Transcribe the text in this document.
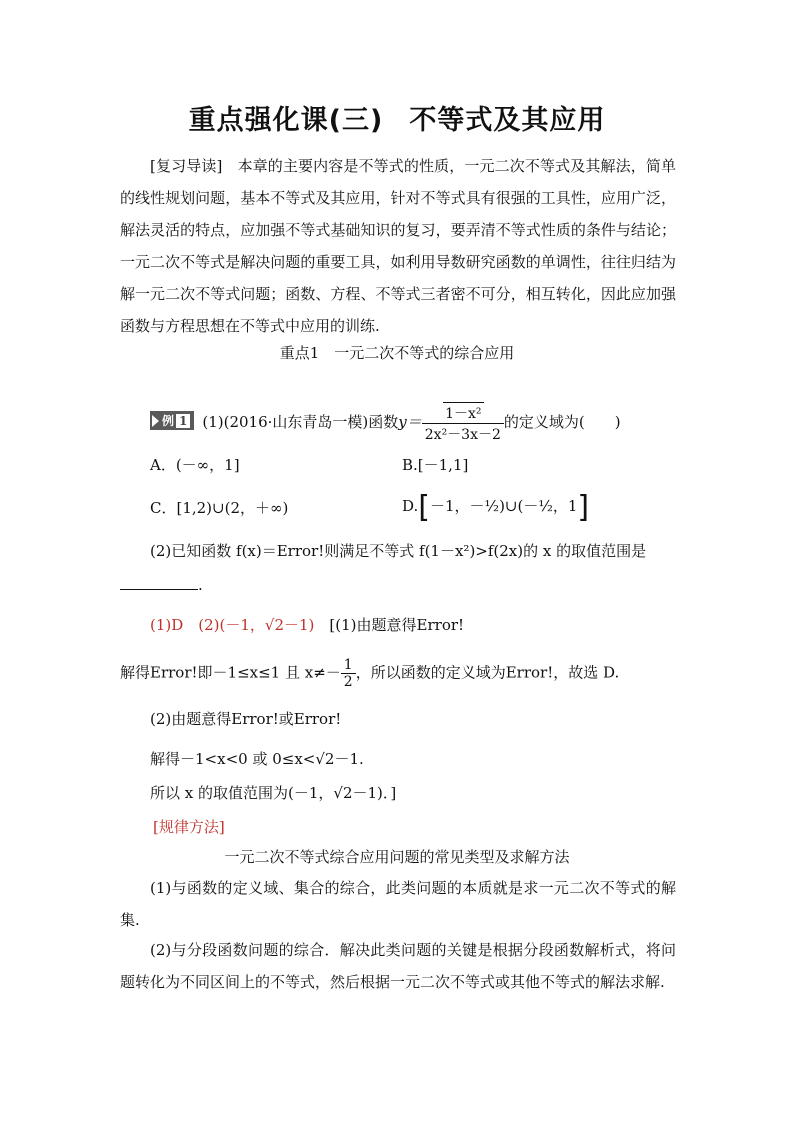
重点强化课(三) 不等式及其应用
[复习导读]　 本章的主要内容是不等式的性质，一元二次不等式及其解法，简单的线性规划问题，基本不等式及其应用，针对不等式具有很强的工具性，应用广泛，解法灵活的特点，应加强不等式基础知识的复习，要弄清不等式性质的条件与结论；一元二次不等式是解决问题的重要工具，如利用导数研究函数的单调性，往往归结为解一元二次不等式问题；函数、方程、不等式三者密不可分，相互转化，因此应加强函数与方程思想在不等式中应用的训练.
重点1　一元二次不等式的综合应用
例 1 (1)(2016·山东青岛一模)函数$y= \frac{\text{1－x²}}{\text{2x²－3x－2}}$ 的定义域为(　　)
A．(－∞，1]	B.[－1,1]
C．[1,2)∪(2，＋∞)	D.[－1，－½)∪(－½，1]
(2)已知函数 f(x)＝Error!则满足不等式 f(1－x²)>f(2x)的 x 的取值范围是
.
(1)D　(2)(－1，√2－1)　[(1)由题意得Error!
解得Error!即－1≤x≤1 且 $x\ne- \frac{1}{2}$ ，所以函数的定义域为Error!，故选 D.
(2)由题意得Error!或Error!
解得－1<x<0 或 0≤x<√2－1.
所以 x 的取值范围为(－1，√2－1)．]
[规律方法]
一元二次不等式综合应用问题的常见类型及求解方法
(1)与函数的定义域、集合的综合，此类问题的本质就是求一元二次不等式的解集.
(2)与分段函数问题的综合．解决此类问题的关键是根据分段函数解析式，将问题转化为不同区间上的不等式，然后根据一元二次不等式或其他不等式的解法求解.
